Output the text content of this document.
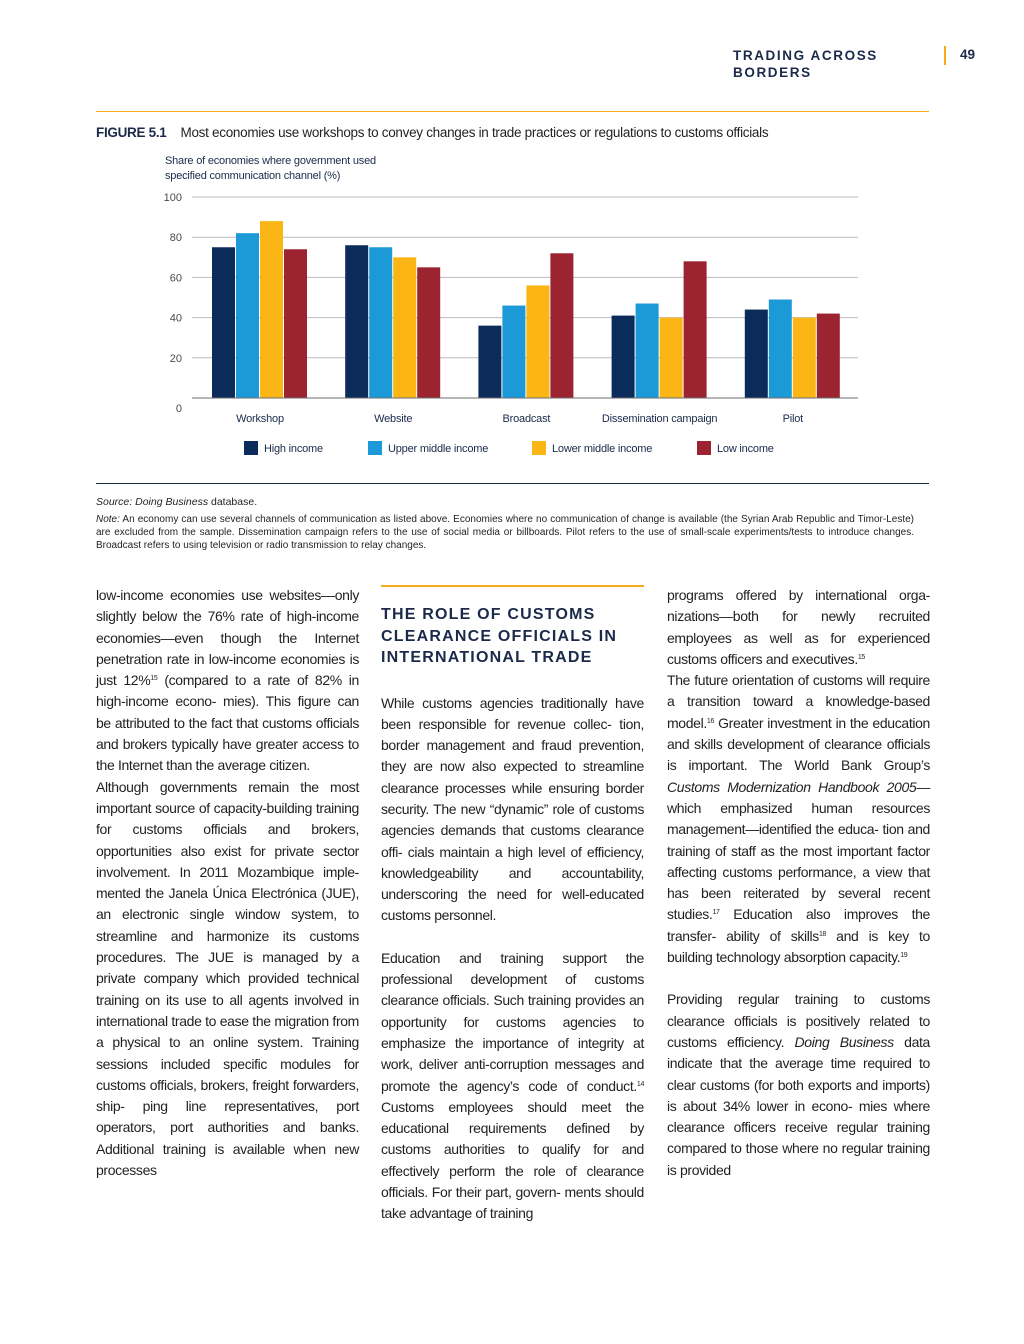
TRADING ACROSS BORDERS
49
FIGURE 5.1 Most economies use workshops to convey changes in trade practices or regulations to customs officials
Share of economies where government used
specified communication channel (%)
0
20
40
60
80
100
Workshop	Website	Broadcast	Dissemination campaign	Pilot
High income	Upper middle income	Lower middle income	Low income
Source: Doing Business database.
Note: An economy can use several channels of communication as listed above. Economies where no communication of change is available (the Syrian Arab Republic and Timor-Leste) are excluded from the sample. Dissemination campaign refers to the use of social media or billboards. Pilot refers to the use of small-scale experiments/tests to introduce changes. Broadcast refers to using television or radio transmission to relay changes.

low-income economies use websites—only slightly below the 76% rate of high-income economies—even though the Internet penetration rate in low-income economies is just 12%$^{15}$ (compared to a rate of 82% in high-income econo- mies). This figure can be attributed to the fact that customs officials and brokers typically have greater access to the Internet than the average citizen.

Although governments remain the most important source of capacity-building training for customs officials and brokers, opportunities also exist for private sector involvement. In 2011 Mozambique imple- mented the Janela Única Electrónica (JUE), an electronic single window system, to streamline and harmonize its customs procedures. The JUE is managed by a private company which provided technical training on its use to all agents involved in international trade to ease the migration from a physical to an online system. Training sessions included specific modules for customs officials, brokers, freight forwarders, ship- ping line representatives, port operators, port authorities and banks. Additional training is available when new processes

THE ROLE OF CUSTOMS CLEARANCE OFFICIALS IN INTERNATIONAL TRADE

While customs agencies traditionally have been responsible for revenue collec- tion, border management and fraud prevention, they are now also expected to streamline clearance processes while ensuring border security. The new “dynamic” role of customs agencies demands that customs clearance offi- cials maintain a high level of efficiency, knowledgeability and accountability, underscoring the need for well-educated customs personnel.

Education and training support the professional development of customs clearance officials. Such training provides an opportunity for customs agencies to emphasize the importance of integrity at work, deliver anti-corruption messages and promote the agency’s code of conduct.$^{14}$ Customs employees should meet the educational requirements defined by customs authorities to qualify for and effectively perform the role of clearance officials. For their part, govern- ments should take advantage of training

programs offered by international orga- nizations—both for newly recruited employees as well as for experienced customs officers and executives.$^{15}$

The future orientation of customs will require a transition toward a knowledge-based model.$^{16}$ Greater investment in the education and skills development of clearance officials is important. The World Bank Group’s Customs Modernization Handbook 2005—which emphasized human resources management—identified the educa- tion and training of staff as the most important factor affecting customs performance, a view that has been reiterated by several recent studies.$^{17}$ Education also improves the transfer- ability of skills$^{18}$ and is key to building technology absorption capacity.$^{19}$

Providing regular training to customs clearance officials is positively related to customs efficiency. Doing Business data indicate that the average time required to clear customs (for both exports and imports) is about 34% lower in econo- mies where clearance officers receive regular training compared to those where no regular training is provided
